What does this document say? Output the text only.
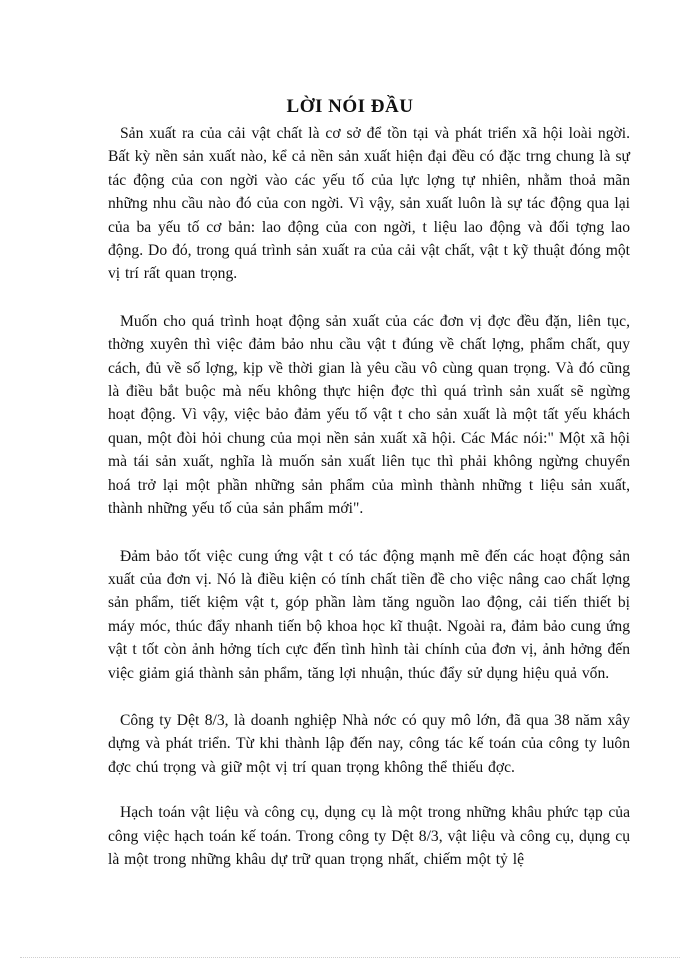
LỜI NÓI ĐẦU

Sản xuất ra của cải vật chất là cơ sở để tồn tại và phát triển xã hội loài ngời. Bất kỳ nền sản xuất nào, kể cả nền sản xuất hiện đại đều có đặc trng chung là sự tác động của con ngời vào các yếu tố của lực lợng tự nhiên, nhằm thoả mãn những nhu cầu nào đó của con ngời. Vì vậy, sản xuất luôn là sự tác động qua lại của ba yếu tố cơ bản: lao động của con ngời, t liệu lao động và đối tợng lao động. Do đó, trong quá trình sản xuất ra của cải vật chất, vật t kỹ thuật đóng một vị trí rất quan trọng.

Muốn cho quá trình hoạt động sản xuất của các đơn vị đợc đều đặn, liên tục, thờng xuyên thì việc đảm bảo nhu cầu vật t đúng về chất lợng, phẩm chất, quy cách, đủ về số lợng, kịp về thời gian là yêu cầu vô cùng quan trọng. Và đó cũng là điều bắt buộc mà nếu không thực hiện đợc thì quá trình sản xuất sẽ ngừng hoạt động. Vì vậy, việc bảo đảm yếu tố vật t cho sản xuất là một tất yếu khách quan, một đòi hỏi chung của mọi nền sản xuất xã hội. Các Mác nói:" Một xã hội mà tái sản xuất, nghĩa là muốn sản xuất liên tục thì phải không ngừng chuyển hoá trở lại một phần những sản phẩm của mình thành những t liệu sản xuất, thành những yếu tố của sản phẩm mới".

Đảm bảo tốt việc cung ứng vật t có tác động mạnh mẽ đến các hoạt động sản xuất của đơn vị. Nó là điều kiện có tính chất tiền đề cho việc nâng cao chất lợng sản phẩm, tiết kiệm vật t, góp phần làm tăng nguồn lao động, cải tiến thiết bị máy móc, thúc đẩy nhanh tiến bộ khoa học kĩ thuật. Ngoài ra, đảm bảo cung ứng vật t tốt còn ảnh hởng tích cực đến tình hình tài chính của đơn vị, ảnh hởng đến việc giảm giá thành sản phẩm, tăng lợi nhuận, thúc đẩy sử dụng hiệu quả vốn.

Công ty Dệt 8/3, là doanh nghiệp Nhà nớc có quy mô lớn, đã qua 38 năm xây dựng và phát triển. Từ khi thành lập đến nay, công tác kế toán của công ty luôn đợc chú trọng và giữ một vị trí quan trọng không thể thiếu đợc.

Hạch toán vật liệu và công cụ, dụng cụ là một trong những khâu phức tạp của công việc hạch toán kế toán. Trong công ty Dệt 8/3, vật liệu và công cụ, dụng cụ là một trong những khâu dự trữ quan trọng nhất, chiếm một tỷ lệ
